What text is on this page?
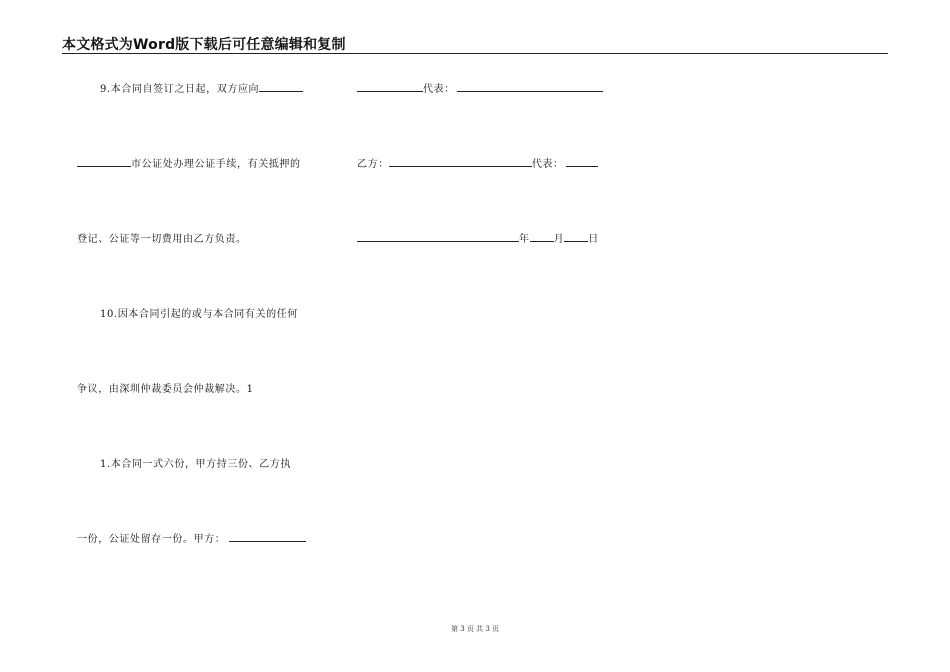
本文格式为Word版下载后可任意编辑和复制
9.本合同自签订之日起，双方应向
市公证处办理公证手续，有关抵押的
登记、公证等一切费用由乙方负责。
10.因本合同引起的或与本合同有关的任何
争议，由深圳仲裁委员会仲裁解决。1
1.本合同一式六份，甲方持三份、乙方执
一份，公证处留存一份。甲方：
代表：
乙方：	代表：
年 月 日
第 3 页 共 3 页
